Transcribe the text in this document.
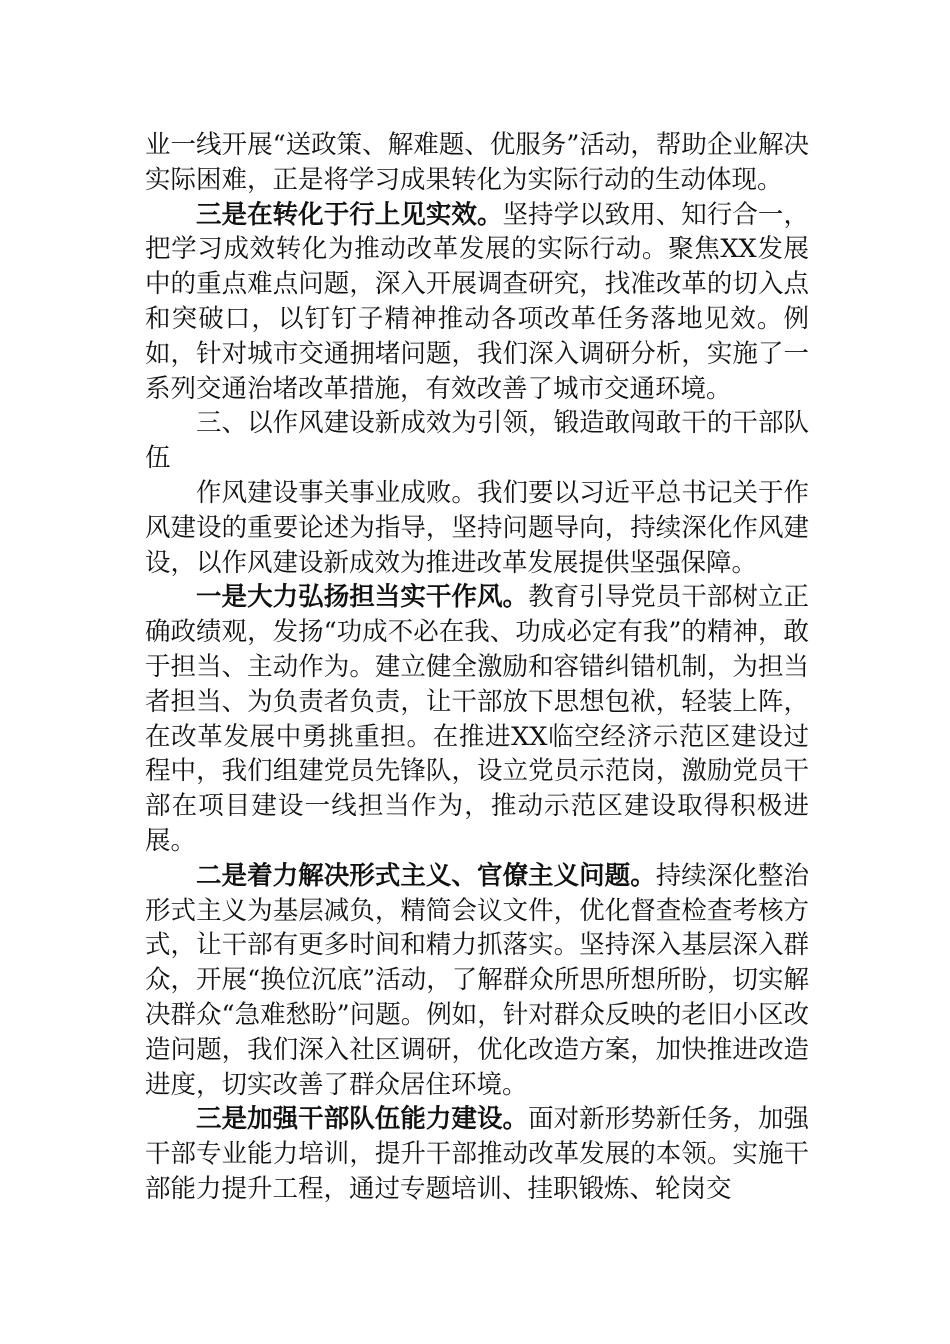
业一线开展“送政策、解难题、优服务”活动，帮助企业解决实际困难，正是将学习成果转化为实际行动的生动体现。

三是在转化于行上见实效。坚持学以致用、知行合一，把学习成效转化为推动改革发展的实际行动。聚焦XX发展中的重点难点问题，深入开展调查研究，找准改革的切入点和突破口，以钉钉子精神推动各项改革任务落地见效。例如，针对城市交通拥堵问题，我们深入调研分析，实施了一系列交通治堵改革措施，有效改善了城市交通环境。

三、以作风建设新成效为引领，锻造敢闯敢干的干部队伍

作风建设事关事业成败。我们要以习近平总书记关于作风建设的重要论述为指导，坚持问题导向，持续深化作风建设，以作风建设新成效为推进改革发展提供坚强保障。

一是大力弘扬担当实干作风。教育引导党员干部树立正确政绩观，发扬“功成不必在我、功成必定有我”的精神，敢于担当、主动作为。建立健全激励和容错纠错机制，为担当者担当、为负责者负责，让干部放下思想包袱，轻装上阵，在改革发展中勇挑重担。在推进XX临空经济示范区建设过程中，我们组建党员先锋队，设立党员示范岗，激励党员干部在项目建设一线担当作为，推动示范区建设取得积极进展。

二是着力解决形式主义、官僚主义问题。持续深化整治形式主义为基层减负，精简会议文件，优化督查检查考核方式，让干部有更多时间和精力抓落实。坚持深入基层深入群众，开展“换位沉底”活动，了解群众所思所想所盼，切实解决群众“急难愁盼”问题。例如，针对群众反映的老旧小区改造问题，我们深入社区调研，优化改造方案，加快推进改造进度，切实改善了群众居住环境。

三是加强干部队伍能力建设。面对新形势新任务，加强干部专业能力培训，提升干部推动改革发展的本领。实施干部能力提升工程，通过专题培训、挂职锻炼、轮岗交
